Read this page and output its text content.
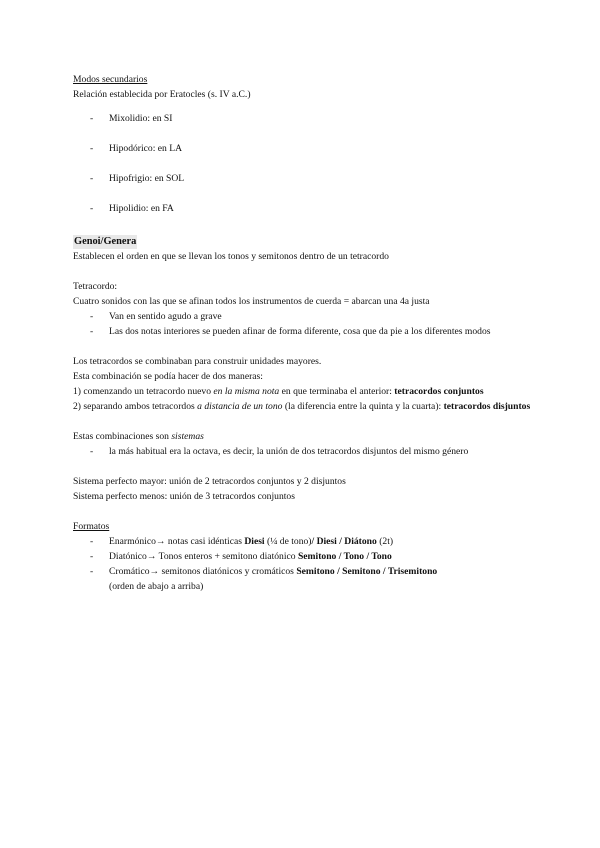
Modos secundarios
Relación establecida por Eratocles (s. IV a.C.)
- Mixolidio: en SI
- Hipodórico: en LA
- Hipofrigio: en SOL
- Hipolidio: en FA
Genoi/Genera
Establecen el orden en que se llevan los tonos y semitonos dentro de un tetracordo
Tetracordo:
Cuatro sonidos con las que se afinan todos los instrumentos de cuerda = abarcan una 4a justa
- Van en sentido agudo a grave
- Las dos notas interiores se pueden afinar de forma diferente, cosa que da pie a los diferentes modos
Los tetracordos se combinaban para construir unidades mayores.
Esta combinación se podía hacer de dos maneras:
1) comenzando un tetracordo nuevo en la misma nota en que terminaba el anterior: tetracordos conjuntos
2) separando ambos tetracordos a distancia de un tono (la diferencia entre la quinta y la cuarta): tetracordos disjuntos
Estas combinaciones son sistemas
- la más habitual era la octava, es decir, la unión de dos tetracordos disjuntos del mismo género
Sistema perfecto mayor: unión de 2 tetracordos conjuntos y 2 disjuntos
Sistema perfecto menos: unión de 3 tetracordos conjuntos
Formatos
- Enarmónico→ notas casi idénticas Diesi (¼ de tono)/ Diesi / Diátono (2t)
- Diatónico→ Tonos enteros + semitono diatónico Semitono / Tono / Tono
- Cromático→ semitonos diatónicos y cromáticos Semitono / Semitono / Trisemitono
(orden de abajo a arriba)
